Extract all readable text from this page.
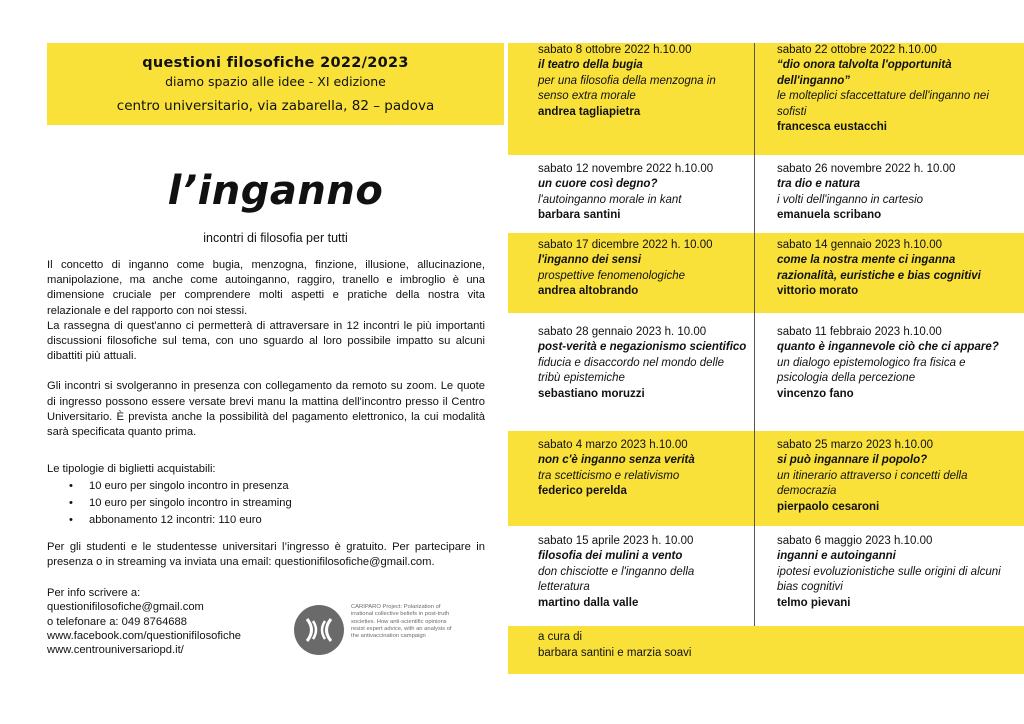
questioni filosofiche 2022/2023
diamo spazio alle idee - XI edizione
centro universitario, via zabarella, 82 – padova
l’inganno
incontri di filosofia per tutti

Il concetto di inganno come bugia, menzogna, finzione, illusione, allucinazione, manipolazione, ma anche come autoinganno, raggiro, tranello e imbroglio è una dimensione cruciale per comprendere molti aspetti e pratiche della nostra vita relazionale e del rapporto con noi stessi.

La rassegna di quest'anno ci permetterà di attraversare in 12 incontri le più importanti discussioni filosofiche sul tema, con uno sguardo al loro possibile impatto su alcuni dibattiti più attuali.

Gli incontri si svolgeranno in presenza con collegamento da remoto su zoom. Le quote di ingresso possono essere versate brevi manu la mattina dell'incontro presso il Centro Universitario. È prevista anche la possibilità del pagamento elettronico, la cui modalità sarà specificata quanto prima.

Le tipologie di biglietti acquistabili:
• 10 euro per singolo incontro in presenza
• 10 euro per singolo incontro in streaming
• abbonamento 12 incontri: 110 euro
Per gli studenti e le studentesse universitari l’ingresso è gratuito. Per partecipare in presenza o in streaming va inviata una email: questionifilosofiche@gmail.com.
Per info scrivere a:
questionifilosofiche@gmail.com
o telefonare a: 049 8764688
www.facebook.com/questionifilosofiche
www.centrouniversariopd.it/
CARIPARO Project: Polarization of irrational collective beliefs in post-truth societies. How anti-scientific opinions resist expert advice, with an analysis of the antivaccination campaign
sabato 8 ottobre 2022 h.10.00
il teatro della bugia
per una filosofia della menzogna in senso extra morale
andrea tagliapietra
sabato 22 ottobre 2022 h.10.00
“dio onora talvolta l'opportunità dell'inganno”
le molteplici sfaccettature dell'inganno nei sofisti
francesca eustacchi
sabato 12 novembre 2022 h.10.00
un cuore così degno?
l'autoinganno morale in kant
barbara santini
sabato 26 novembre 2022 h. 10.00
tra dio e natura
i volti dell'inganno in cartesio
emanuela scribano
sabato 17 dicembre 2022 h. 10.00
l'inganno dei sensi
prospettive fenomenologiche
andrea altobrando
sabato 14 gennaio 2023 h.10.00
come la nostra mente ci inganna
razionalità, euristiche e bias cognitivi
vittorio morato
sabato 28 gennaio 2023 h. 10.00
post-verità e negazionismo scientifico
fiducia e disaccordo nel mondo delle tribù epistemiche
sebastiano moruzzi
sabato 11 febbraio 2023 h.10.00
quanto è ingannevole ciò che ci appare?
un dialogo epistemologico fra fisica e psicologia della percezione
vincenzo fano
sabato 4 marzo 2023 h.10.00
non c'è inganno senza verità
tra scetticismo e relativismo
federico perelda
sabato 25 marzo 2023 h.10.00
si può ingannare il popolo?
un itinerario attraverso i concetti della democrazia
pierpaolo cesaroni
sabato 15 aprile 2023 h. 10.00
filosofia dei mulini a vento
don chisciotte e l'inganno della letteratura
martino dalla valle
sabato 6 maggio 2023 h.10.00
inganni e autoinganni
ipotesi evoluzionistiche sulle origini di alcuni bias cognitivi
telmo pievani
a cura di
barbara santini e marzia soavi
